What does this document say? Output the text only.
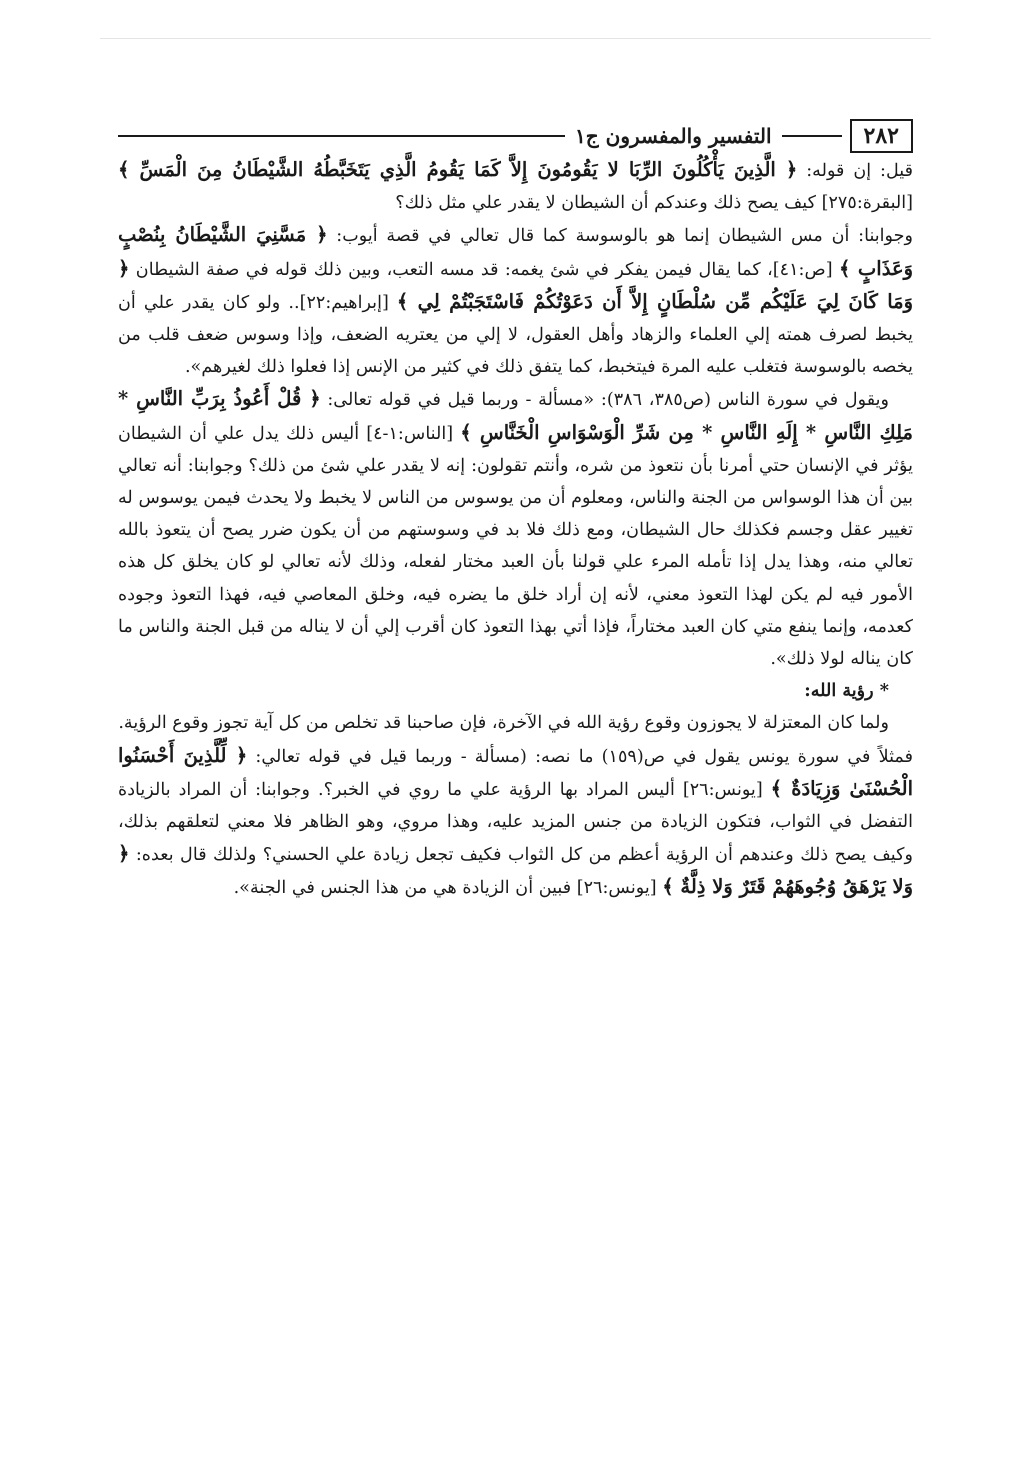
٢٨٢
التفسير والمفسرون ج١

قيل: إن قوله: ﴿ الَّذِينَ يَأْكُلُونَ الرِّبَا لا يَقُومُونَ إِلاَّ كَمَا يَقُومُ الَّذِي يَتَخَبَّطُهُ الشَّيْطَانُ مِنَ الْمَسِّ ﴾ [البقرة:٢٧٥] كيف يصح ذلك وعندكم أن الشيطان لا يقدر علي مثل ذلك؟

وجوابنا: أن مس الشيطان إنما هو بالوسوسة كما قال تعالي في قصة أيوب: ﴿ مَسَّنِيَ الشَّيْطَانُ بِنُصْبٍ وَعَذَابٍ ﴾ [ص:٤١]، كما يقال فيمن يفكر في شئ يغمه: قد مسه التعب، وبين ذلك قوله في صفة الشيطان ﴿ وَمَا كَانَ لِيَ عَلَيْكُم مِّن سُلْطَانٍ إِلاَّ أَن دَعَوْتُكُمْ فَاسْتَجَبْتُمْ لِي ﴾ [إبراهيم:٢٢].. ولو كان يقدر علي أن يخبط لصرف همته إلي العلماء والزهاد وأهل العقول، لا إلي من يعتريه الضعف، وإذا وسوس ضعف قلب من يخصه بالوسوسة فتغلب عليه المرة فيتخبط، كما يتفق ذلك في كثير من الإنس إذا فعلوا ذلك لغيرهم».

ويقول في سورة الناس (ص٣٨٥، ٣٨٦): «مسألة - وربما قيل في قوله تعالى: ﴿ قُلْ أَعُوذُ بِرَبِّ النَّاسِ * مَلِكِ النَّاسِ * إِلَهِ النَّاسِ * مِن شَرِّ الْوَسْوَاسِ الْخَنَّاسِ ﴾ [الناس:١-٤] أليس ذلك يدل علي أن الشيطان يؤثر في الإنسان حتي أمرنا بأن نتعوذ من شره، وأنتم تقولون: إنه لا يقدر علي شئ من ذلك؟ وجوابنا: أنه تعالي بين أن هذا الوسواس من الجنة والناس، ومعلوم أن من يوسوس من الناس لا يخبط ولا يحدث فيمن يوسوس له تغيير عقل وجسم فكذلك حال الشيطان، ومع ذلك فلا بد في وسوستهم من أن يكون ضرر يصح أن يتعوذ بالله تعالي منه، وهذا يدل إذا تأمله المرء علي قولنا بأن العبد مختار لفعله، وذلك لأنه تعالي لو كان يخلق كل هذه الأمور فيه لم يكن لهذا التعوذ معني، لأنه إن أراد خلق ما يضره فيه، وخلق المعاصي فيه، فهذا التعوذ وجوده كعدمه، وإنما ينفع متي كان العبد مختاراً، فإذا أتي بهذا التعوذ كان أقرب إلي أن لا يناله من قبل الجنة والناس ما كان يناله لولا ذلك».

* رؤية الله:

ولما كان المعتزلة لا يجوزون وقوع رؤية الله في الآخرة، فإن صاحبنا قد تخلص من كل آية تجوز وقوع الرؤية.

فمثلاً في سورة يونس يقول في ص(١٥٩) ما نصه: (مسألة - وربما قيل في قوله تعالي: ﴿ لِّلَّذِينَ أَحْسَنُوا الْحُسْنَىٰ وَزِيَادَةٌ ﴾ [يونس:٢٦] أليس المراد بها الرؤية علي ما روي في الخبر؟. وجوابنا: أن المراد بالزيادة التفضل في الثواب، فتكون الزيادة من جنس المزيد عليه، وهذا مروي، وهو الظاهر فلا معني لتعلقهم بذلك، وكيف يصح ذلك وعندهم أن الرؤية أعظم من كل الثواب فكيف تجعل زيادة علي الحسني؟ ولذلك قال بعده: ﴿ وَلا يَرْهَقُ وُجُوهَهُمْ قَتَرٌ وَلا ذِلَّةٌ ﴾ [يونس:٢٦] فبين أن الزيادة هي من هذا الجنس في الجنة».
